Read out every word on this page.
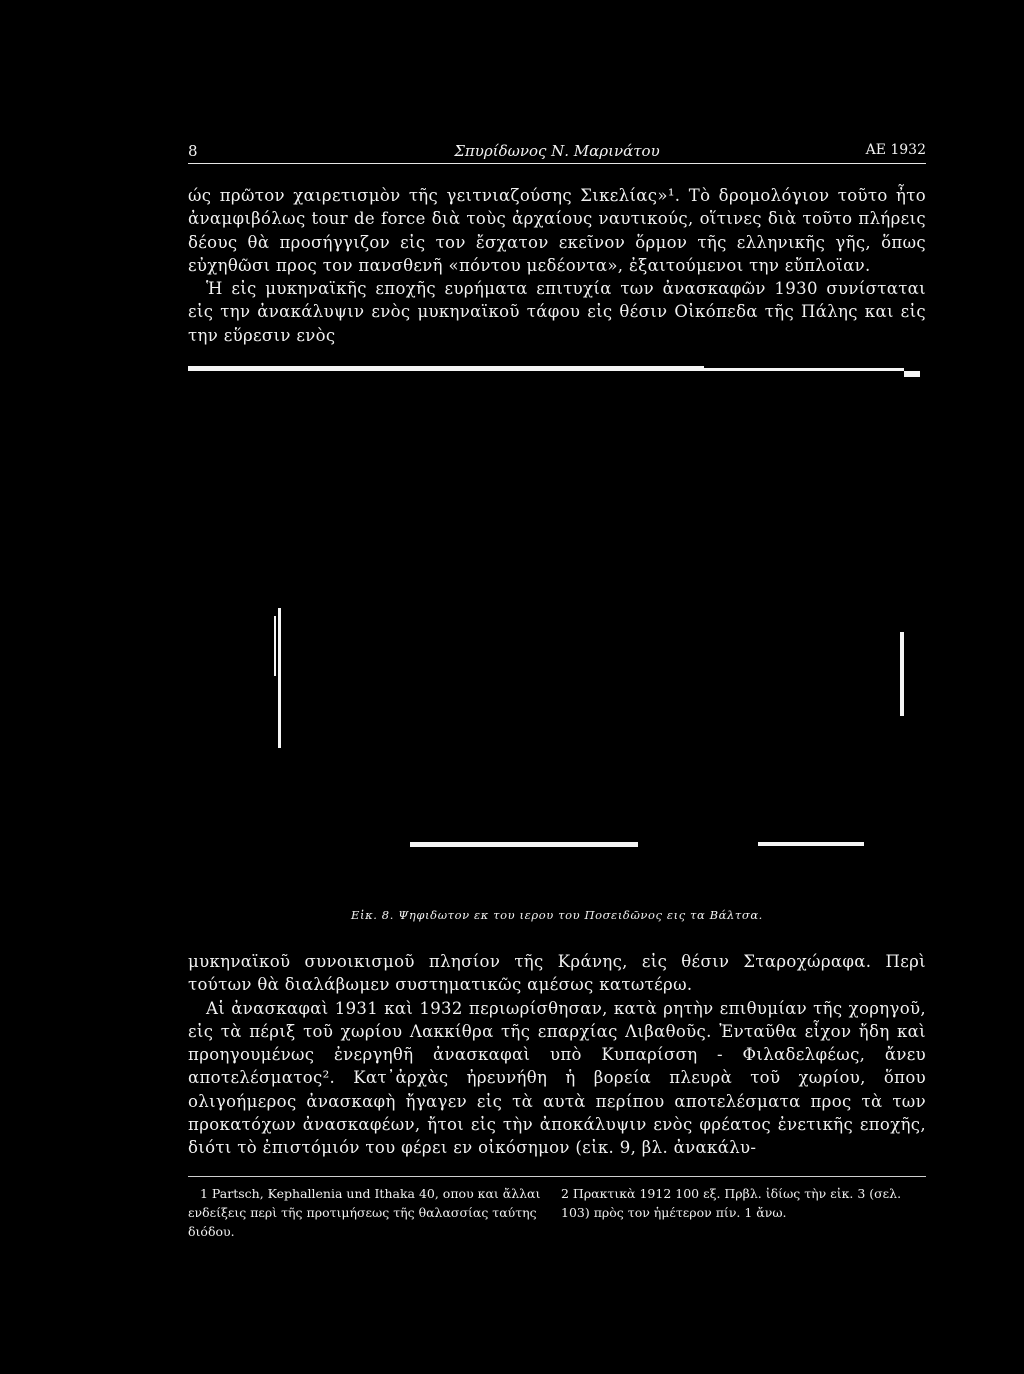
8	Σπυρίδωνος Ν. Μαρινάτου	ΑΕ 1932

ώς πρῶτον χαιρετισμὸν τῆς γειτνιαζούσης Σικελίας»¹. Τὸ δρομολόγιον τοῦτο ἦτο ἀναμφιβόλως tour de force διὰ τοὺς ἀρχαίους ναυτικούς, οἵτινες διὰ τοῦτο πλήρεις δέους θὰ προσήγγιζον εἰς τον ἔσχατον εκεῖνον ὅρμον τῆς ελληνικῆς γῆς, ὅπως εὐχηθῶσι προς τον πανσθενῆ «πόντου μεδέοντα», ἐξαιτούμενοι την εὔπλοϊαν.

Ἡ εἰς μυκηναϊκῆς εποχῆς ευρήματα επιτυχία των ἀνασκαφῶν 1930 συνίσταται εἰς την ἀνακάλυψιν ενὸς μυκηναϊκοῦ τάφου εἰς θέσιν Οἰκόπεδα τῆς Πάλης και εἰς την εὕρεσιν ενὸς

Εἰκ. 8. Ψηφιδωτον εκ του ιερου του Ποσειδῶνος εις τα Βάλτσα.

μυκηναϊκοῦ συνοικισμοῦ πλησίον τῆς Κράνης, εἰς θέσιν Σταροχώραφα. Περὶ τούτων θὰ διαλάβωμεν συστηματικῶς αμέσως κατωτέρω.

Αἱ ἀνασκαφαὶ 1931 καὶ 1932 περιωρίσθησαν, κατὰ ρητὴν επιθυμίαν τῆς χορηγοῦ, εἰς τὰ πέριξ τοῦ χωρίου Λακκίθρα τῆς επαρχίας Λιβαθοῦς. Ἐνταῦθα εἶχον ἤδη καὶ προηγουμένως ἐνεργηθῆ ἀνασκαφαὶ υπὸ Κυπαρίσση - Φιλαδελφέως, ἄνευ αποτελέσματος². Κατ᾽ἀρχὰς ἠρευνήθη ἡ βορεία πλευρὰ τοῦ χωρίου, ὅπου ολιγοήμερος ἀνασκαφὴ ἤγαγεν εἰς τὰ αυτὰ περίπου αποτελέσματα προς τὰ των προκατόχων ἀνασκαφέων, ἤτοι εἰς τὴν ἀποκάλυψιν ενὸς φρέατος ἐνετικῆς εποχῆς, διότι τὸ ἐπιστόμιόν του φέρει εν οἰκόσημον (εἰκ. 9, βλ. ἀνακάλυ-

1 Partsch, Kephallenia und Ithaka 40, οπου και ἄλλαι ενδείξεις περὶ τῆς προτιμήσεως τῆς θαλασσίας ταύτης διόδου.
2 Πρακτικὰ 1912 100 εξ. Πρβλ. ἰδίως τὴν εἰκ. 3 (σελ. 103) πρὸς τον ἡμέτερον πίν. 1 ἄνω.
